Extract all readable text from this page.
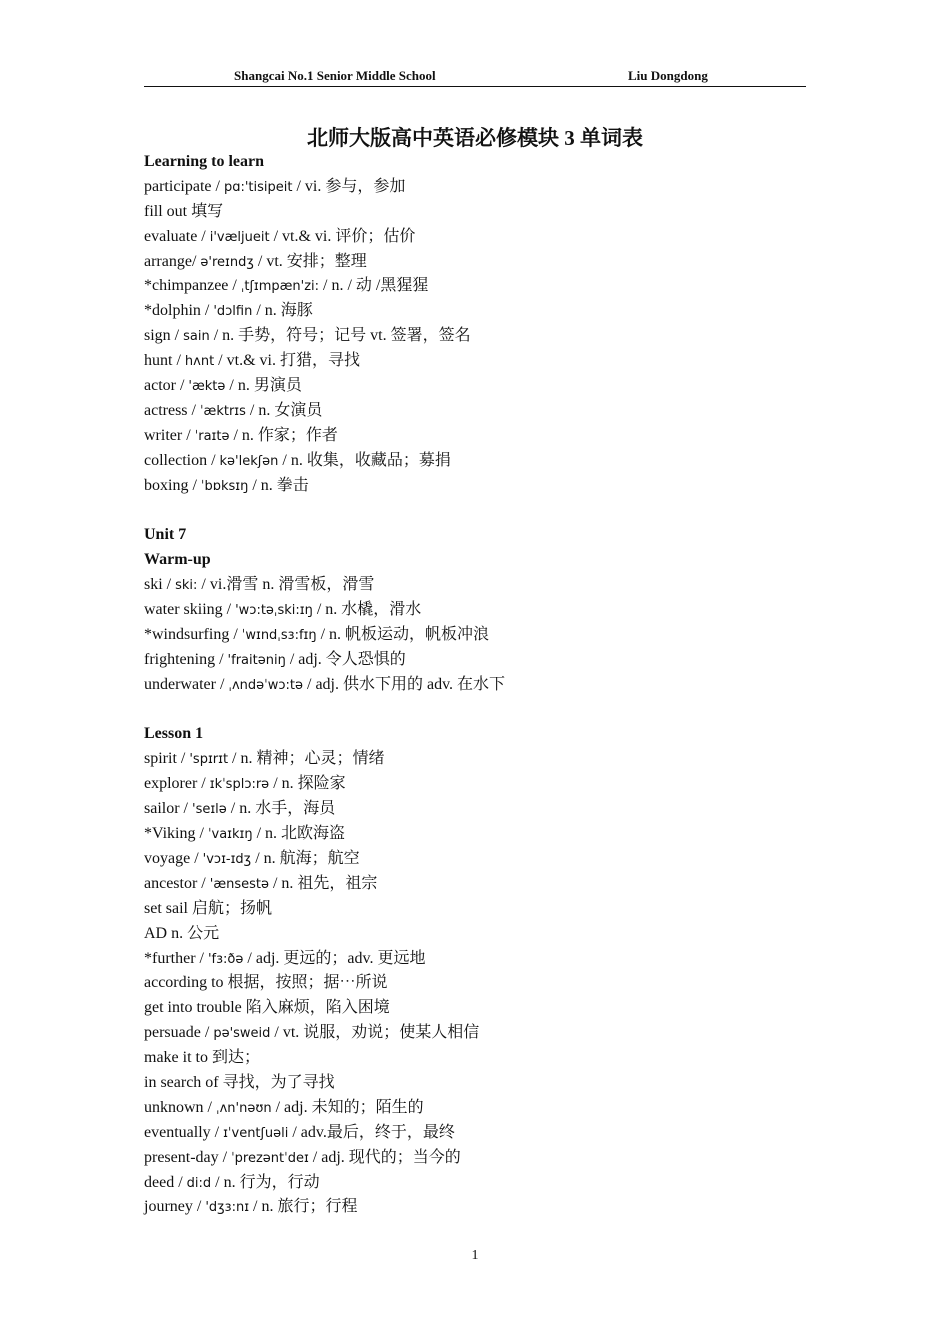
Shangcai No.1 Senior Middle School	Liu Dongdong
北师大版高中英语必修模块 3 单词表
Learning to learn
participate / pɑ:'tisipeit / vi. 参与，参加
fill out 填写
evaluate / i'væljueit / vt.& vi. 评价；估价
arrange/ ə'reɪndʒ / vt. 安排；整理
*chimpanzee / ˌtʃɪmpæn'zi: / n. / 动 /黑猩猩
*dolphin / 'dɔlfin / n. 海豚
sign / sain / n. 手势，符号；记号 vt. 签署，签名
hunt / hʌnt / vt.& vi. 打猎，寻找
actor / 'æktə / n. 男演员
actress / ˈæktrɪs / n. 女演员
writer / ˈraɪtə / n. 作家；作者
collection / kə'lekʃən / n. 收集，收藏品；募捐
boxing / ˈbɒksɪŋ / n. 拳击
Unit 7
Warm-up
ski / ski: / vi.滑雪 n. 滑雪板，滑雪
water skiing / 'wɔ:təˌski:ɪŋ / n. 水橇，滑水
*windsurfing / ˈwɪndˌsɜ:fɪŋ / n. 帆板运动，帆板冲浪
frightening / 'fraitəniŋ / adj. 令人恐惧的
underwater / ˌʌndəˈwɔ:tə / adj. 供水下用的 adv. 在水下
Lesson 1
spirit / 'spɪrɪt / n. 精神；心灵；情绪
explorer / ɪkˈsplɔ:rə / n. 探险家
sailor / 'seɪlə / n. 水手，海员
*Viking / ˈvaɪkɪŋ / n. 北欧海盗
voyage / 'vɔɪ-ɪdʒ / n. 航海；航空
ancestor / 'ænsestə / n. 祖先，祖宗
set sail 启航；扬帆
AD n. 公元
*further / 'fɜ:ðə / adj. 更远的；adv. 更远地
according to 根据，按照；据⋯所说
get into trouble 陷入麻烦，陷入困境
persuade / pə'sweid / vt. 说服，劝说；使某人相信
make it to 到达；
in search of 寻找，为了寻找
unknown / ˌʌn'nəʊn / adj. 未知的；陌生的
eventually / ɪˈventʃuəli / adv.最后，终于，最终
present-day / ˈprezəntˈdeɪ / adj. 现代的；当今的
deed / di:d / n. 行为，行动
journey / 'dʒɜ:nɪ / n. 旅行；行程
1
